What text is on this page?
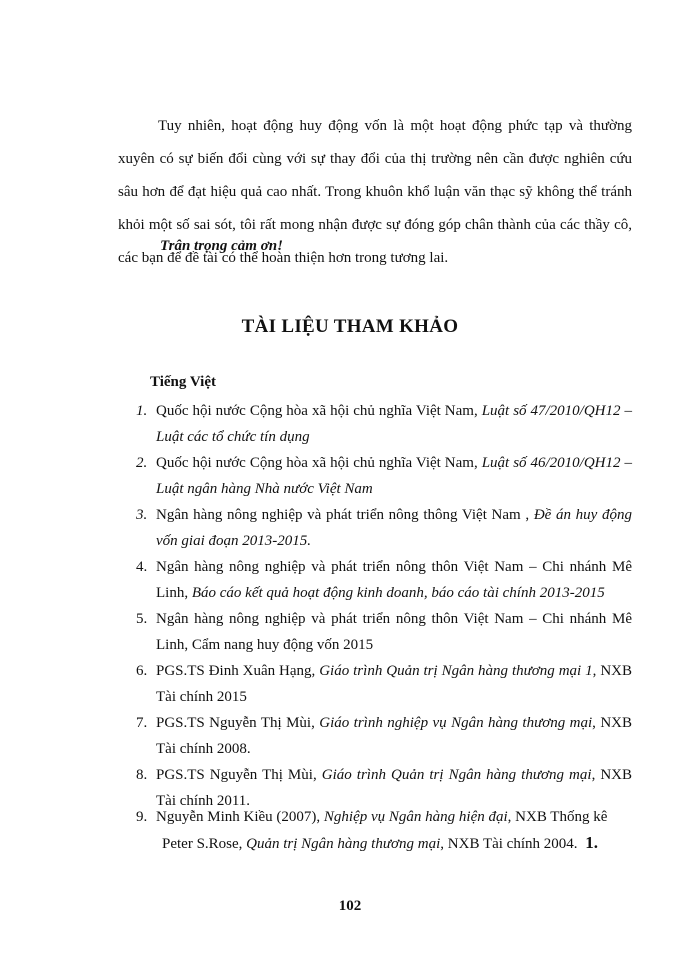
Tuy nhiên, hoạt động huy động vốn là một hoạt động phức tạp và thường xuyên có sự biến đổi cùng với sự thay đổi của thị trường nên cần được nghiên cứu sâu hơn để đạt hiệu quả cao nhất. Trong khuôn khổ luận văn thạc sỹ không thể tránh khỏi một số sai sót, tôi rất mong nhận được sự đóng góp chân thành của các thầy cô, các bạn để đề tài có thể hoàn thiện hơn trong tương lai.
Trân trọng cảm ơn!
TÀI LIỆU THAM KHẢO
Tiếng Việt
1. Quốc hội nước Cộng hòa xã hội chủ nghĩa Việt Nam, Luật số 47/2010/QH12 – Luật các tổ chức tín dụng
2. Quốc hội nước Cộng hòa xã hội chủ nghĩa Việt Nam, Luật số 46/2010/QH12 – Luật ngân hàng Nhà nước Việt Nam
3. Ngân hàng nông nghiệp và phát triển nông thông Việt Nam , Đề án huy động vốn giai đoạn 2013-2015.
4. Ngân hàng nông nghiệp và phát triển nông thôn Việt Nam – Chi nhánh Mê Linh, Báo cáo kết quả hoạt động kinh doanh, báo cáo tài chính 2013-2015
5. Ngân hàng nông nghiệp và phát triển nông thôn Việt Nam – Chi nhánh Mê Linh, Cẩm nang huy động vốn 2015
6. PGS.TS Đinh Xuân Hạng, Giáo trình Quản trị Ngân hàng thương mại 1, NXB Tài chính 2015
7. PGS.TS Nguyễn Thị Mùi, Giáo trình nghiệp vụ Ngân hàng thương mại, NXB Tài chính 2008.
8. PGS.TS Nguyễn Thị Mùi, Giáo trình Quản trị Ngân hàng thương mại, NXB Tài chính 2011.
9. Nguyễn Minh Kiều (2007), Nghiệp vụ Ngân hàng hiện đại, NXB Thống kê
Peter S.Rose, Quản trị Ngân hàng thương mại, NXB Tài chính 2004. 1.
102
